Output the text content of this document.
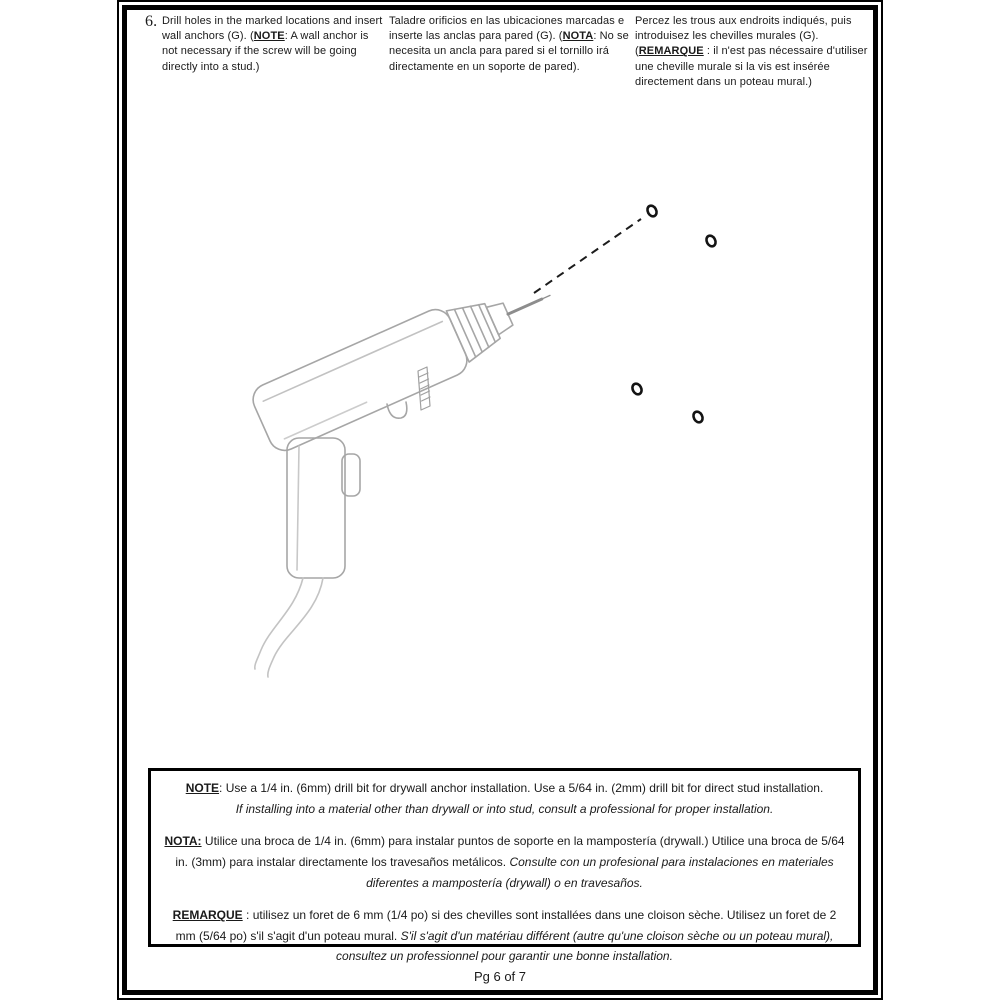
6. Drill holes in the marked locations and insert wall anchors (G). (NOTE: A wall anchor is not necessary if the screw will be going directly into a stud.)
Taladre orificios en las ubicaciones marcadas e inserte las anclas para pared (G). (NOTA: No se necesita un ancla para pared si el tornillo irá directamente en un soporte de pared).
Percez les trous aux endroits indiqués, puis introduisez les chevilles murales (G). (REMARQUE : il n'est pas nécessaire d'utiliser une cheville murale si la vis est insérée directement dans un poteau mural.)

NOTE: Use a 1/4 in. (6mm) drill bit for drywall anchor installation. Use a 5/64 in. (2mm) drill bit for direct stud installation.
If installing into a material other than drywall or into stud, consult a professional for proper installation.

NOTA: Utilice una broca de 1/4 in. (6mm) para instalar puntos de soporte en la mampostería (drywall.) Utilice una broca de 5/64 in. (3mm) para instalar directamente los travesaños metálicos. Consulte con un profesional para instalaciones en materiales diferentes a mampostería (drywall) o en travesaños.

REMARQUE : utilisez un foret de 6 mm (1/4 po) si des chevilles sont installées dans une cloison sèche. Utilisez un foret de 2 mm (5/64 po) s'il s'agit d'un poteau mural. S'il s'agit d'un matériau différent (autre qu'une cloison sèche ou un poteau mural), consultez un professionnel pour garantir une bonne installation.

Pg 6 of 7
